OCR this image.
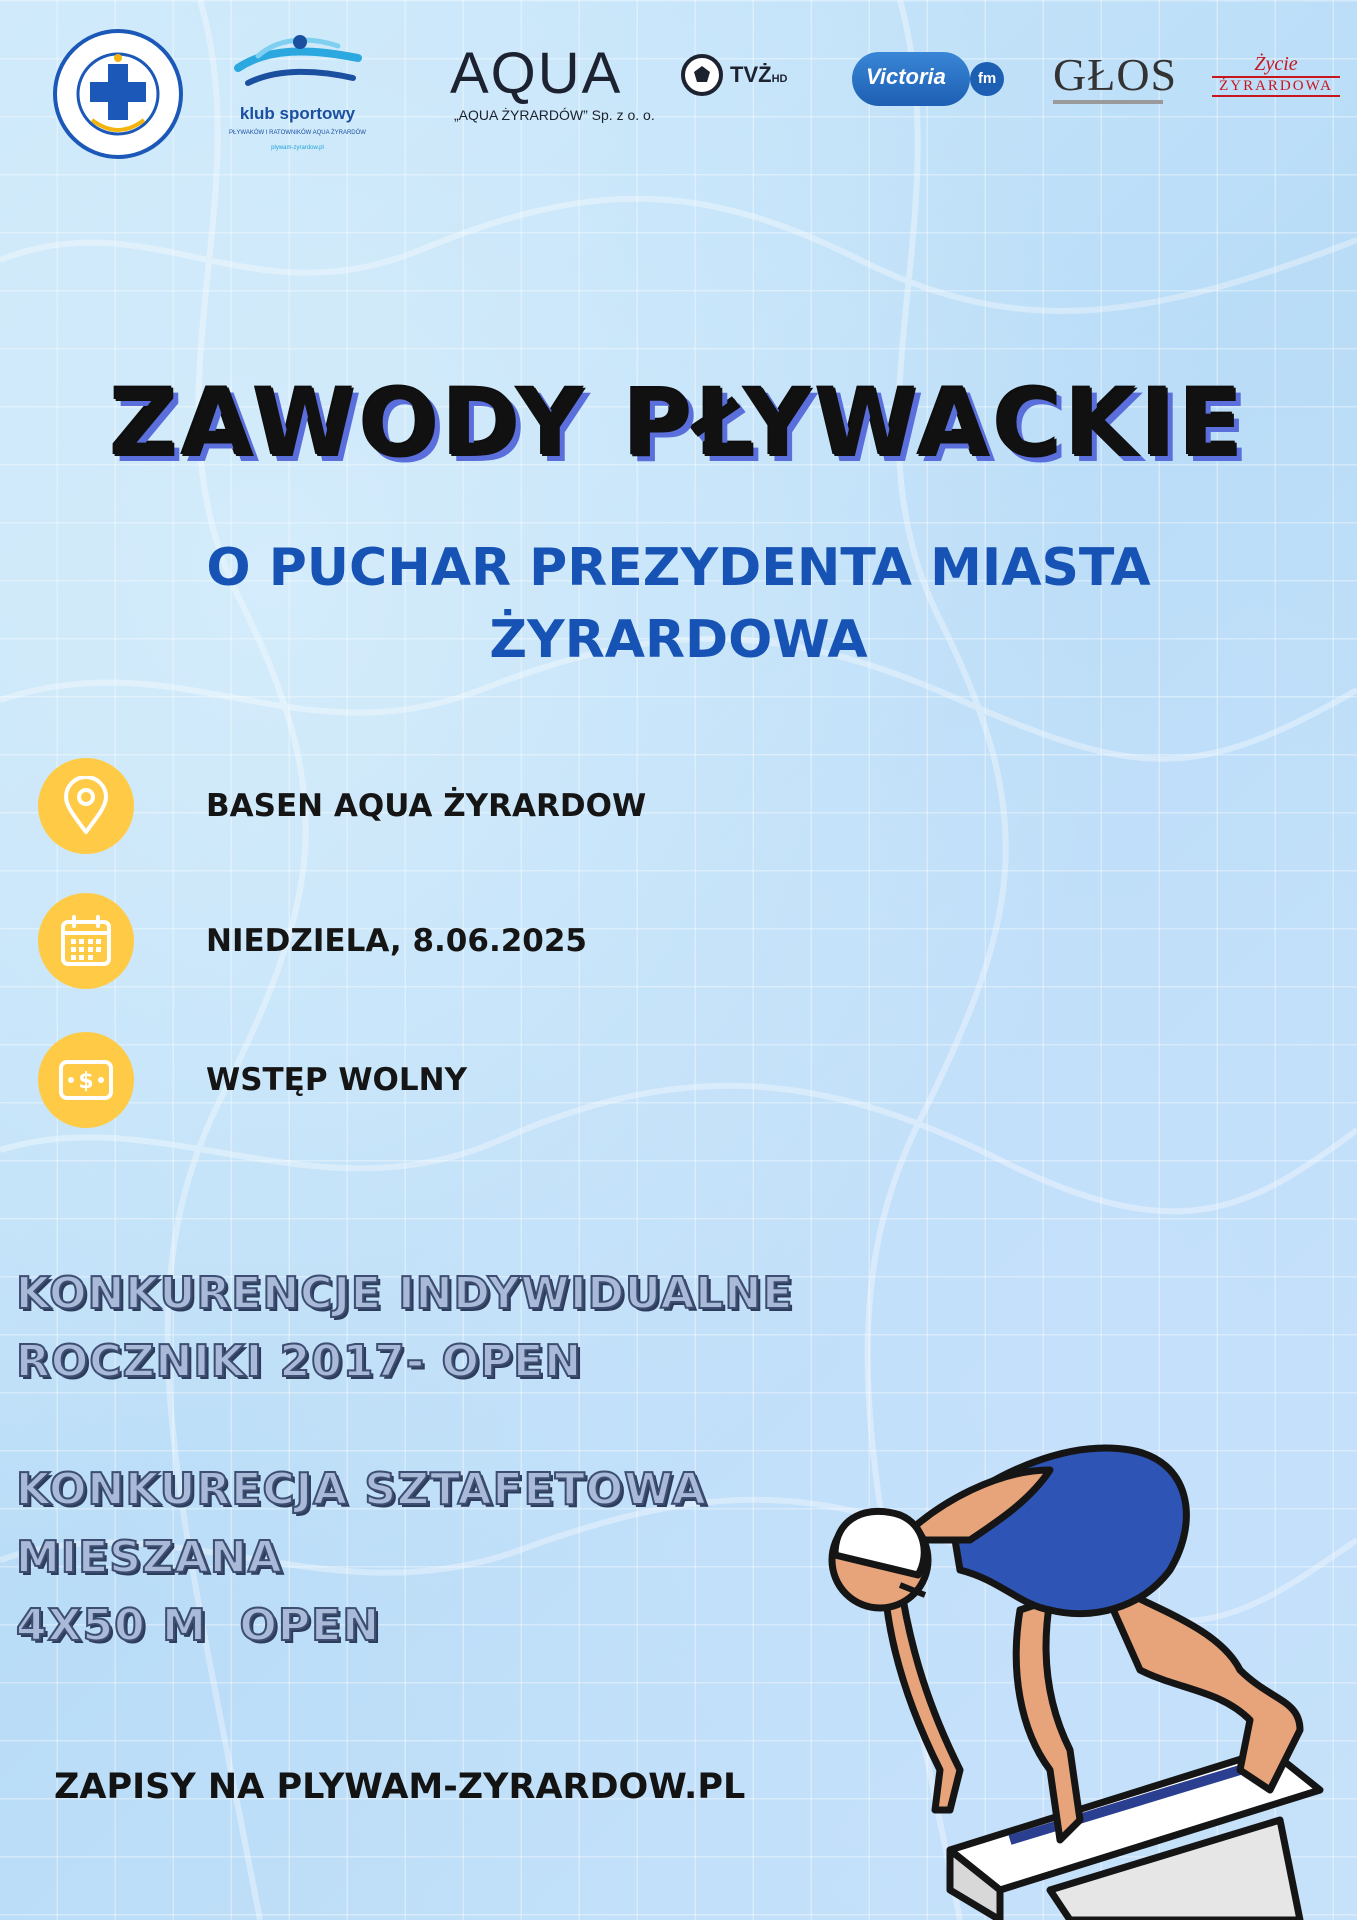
klub sportowy
PŁYWAKÓW I RATOWNIKÓW AQUA ŻYRARDÓW
plywam-zyrardow.pl
AQUA
„AQUA ŻYRARDÓW” Sp. z o. o.
TVŻHD	Victoria	fm GŁOS	Życie
ŻYRARDOWA
ZAWODY PŁYWACKIE
O PUCHAR PREZYDENTA MIASTA
ŻYRARDOWA
BASEN AQUA ŻYRARDOW
NIEDZIELA, 8.06.2025
$	WSTĘP WOLNY
KONKURENCJE INDYWIDUALNE
ROCZNIKI 2017- OPEN
KONKURECJA SZTAFETOWA
MIESZANA
4X50 M  OPEN
ZAPISY NA PLYWAM-ZYRARDOW.PL
